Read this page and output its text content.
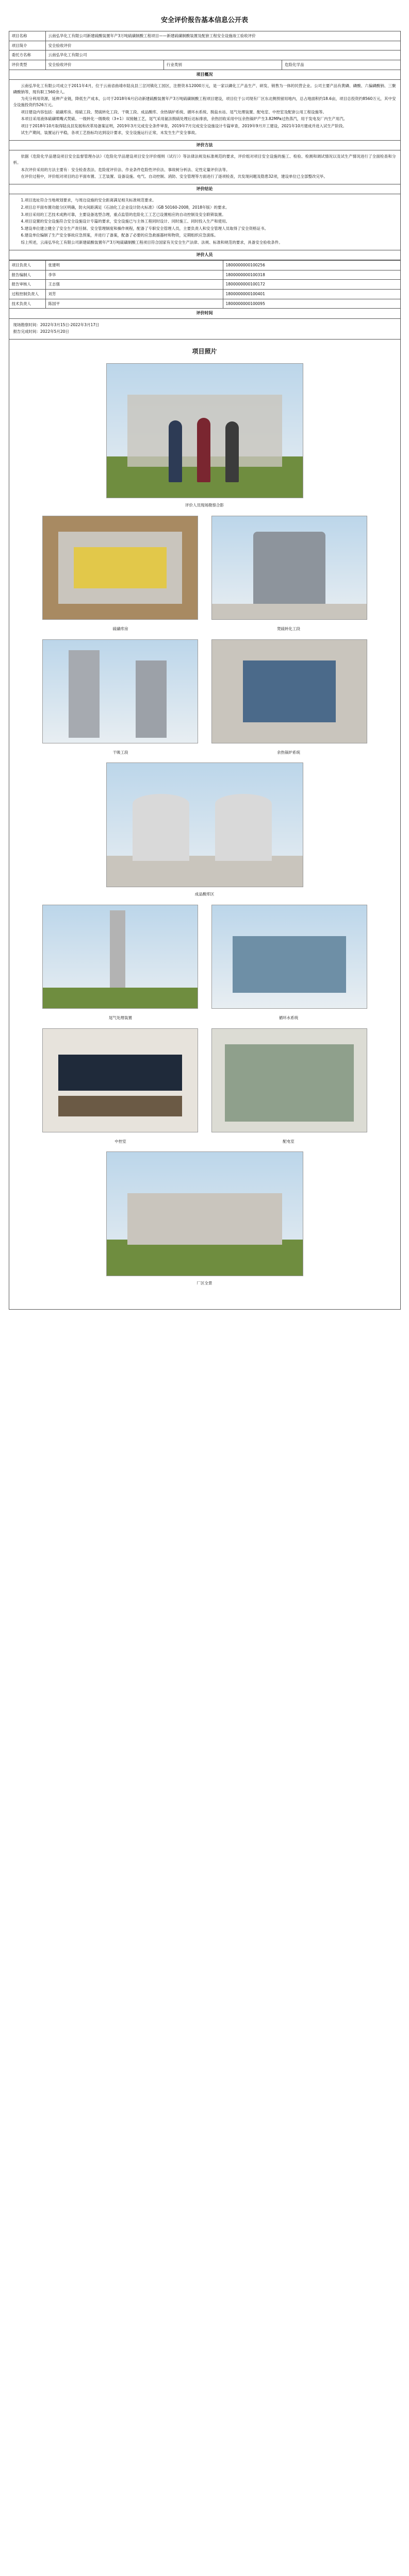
安全评价报告基本信息公开表
项目名称	云南弘华化工有限公司新建硫酸装置年产3万吨硫磺制酸工程项目——新建硫磺制酸装置及配套工程安全设施竣工验收评价		
项目简介	安全验收评价		
委托方名称	云南弘华化工有限公司		
评价类型	安全验收评价	行业类别	危险化学品
项目概况

云南弘华化工有限公司成立于2011年4月，位于云南省曲靖市陆良县三岔河镇化工园区，注册资本12000万元，是一家以磷化工产品生产、研发、销售为一体的民营企业。公司主要产品有黄磷、磷酸、六偏磷酸钠、三聚磷酸钠等，现有职工560余人。

为充分利用资源，延伸产业链，降低生产成本，公司于2018年6月启动新建硫酸装置年产3万吨硫磺制酸工程项目建设，项目位于公司现有厂区东北侧预留用地内，总占地面积约18.6亩，项目总投资约8560万元，其中安全设施投资约526万元。

项目建设内容包括：硫磺库房、熔硫工段、焚硫转化工段、干吸工段、成品酸库、余热锅炉系统、循环水系统、脱盐水站、尾气处理装置、配电室、中控室及配套公用工程设施等。

本项目采用液体硫磺喷嘴式焚硫、一级转化一级吸收（3+1）双接触工艺，尾气采用氨法脱硫处理后达标排放，余热回收采用中压余热锅炉产生3.82MPa过热蒸汽，用于发电及厂内生产用汽。

项目于2018年10月取得陆良县发展和改革局备案证明，2019年3月完成安全条件审查，2019年7月完成安全设施设计专篇审查，2019年9月开工建设，2021年10月建成并进入试生产阶段。

试生产期间，装置运行平稳，各项工艺指标均达到设计要求，安全设施运行正常，未发生生产安全事故。

评价方法

依据《危险化学品建设项目安全监督管理办法》《危险化学品建设项目安全评价细则（试行）》等法律法规及标准规范的要求，评价组对项目安全设施的施工、检验、检测和调试情况以及试生产情况进行了全面检查和分析。

本次评价采用的方法主要有：安全检查表法、危险度评价法、作业条件危险性评价法、事故树分析法、定性定量评价法等。

在评价过程中，评价组对项目的总平面布置、工艺装置、设备设施、电气、自动控制、消防、安全管理等方面进行了逐项检查，共发现问题及隐患32项，建设单位已全部整改完毕。

评价结论

1.项目选址符合当地规划要求，与周边设施的安全距离满足相关标准规范要求。

2.项目总平面布置功能分区明确，防火间距满足《石油化工企业设计防火标准》（GB 50160-2008，2018年版）的要求。

3.项目采用的工艺技术成熟可靠，主要设备选型合理，重点监管的危险化工工艺已设置相应的自动控制及安全联锁装置。

4.项目设置的安全设施符合安全设施设计专篇的要求，安全设施已与主体工程同时设计、同时施工、同时投入生产和使用。

5.建设单位建立健全了安全生产责任制、安全管理制度和操作规程，配备了专职安全管理人员，主要负责人和安全管理人员取得了安全资格证书。

6.建设单位编制了生产安全事故应急预案，并进行了备案，配备了必要的应急救援器材和物资，定期组织应急演练。

综上所述，云南弘华化工有限公司新建硫酸装置年产3万吨硫磺制酸工程项目符合国家有关安全生产法律、法规、标准和规范的要求，具备安全验收条件。

评价人员
项目负责人	张建明	1800000000100256
报告编制人	李华	1800000000100318
报告审核人	王志强	1800000000100172
过程控制负责人	刘芳	1800000000100401
技术负责人	陈国平	1800000000100095
评价时间

现场勘察时间：2022年3月15日-2022年3月17日

报告完成时间：2022年5月20日

项目照片
评价人员现场勘察合影
硫磺库房	焚硫转化工段
干吸工段	余热锅炉系统
成品酸库区
尾气处理装置	循环水系统
中控室	配电室
厂区全景
